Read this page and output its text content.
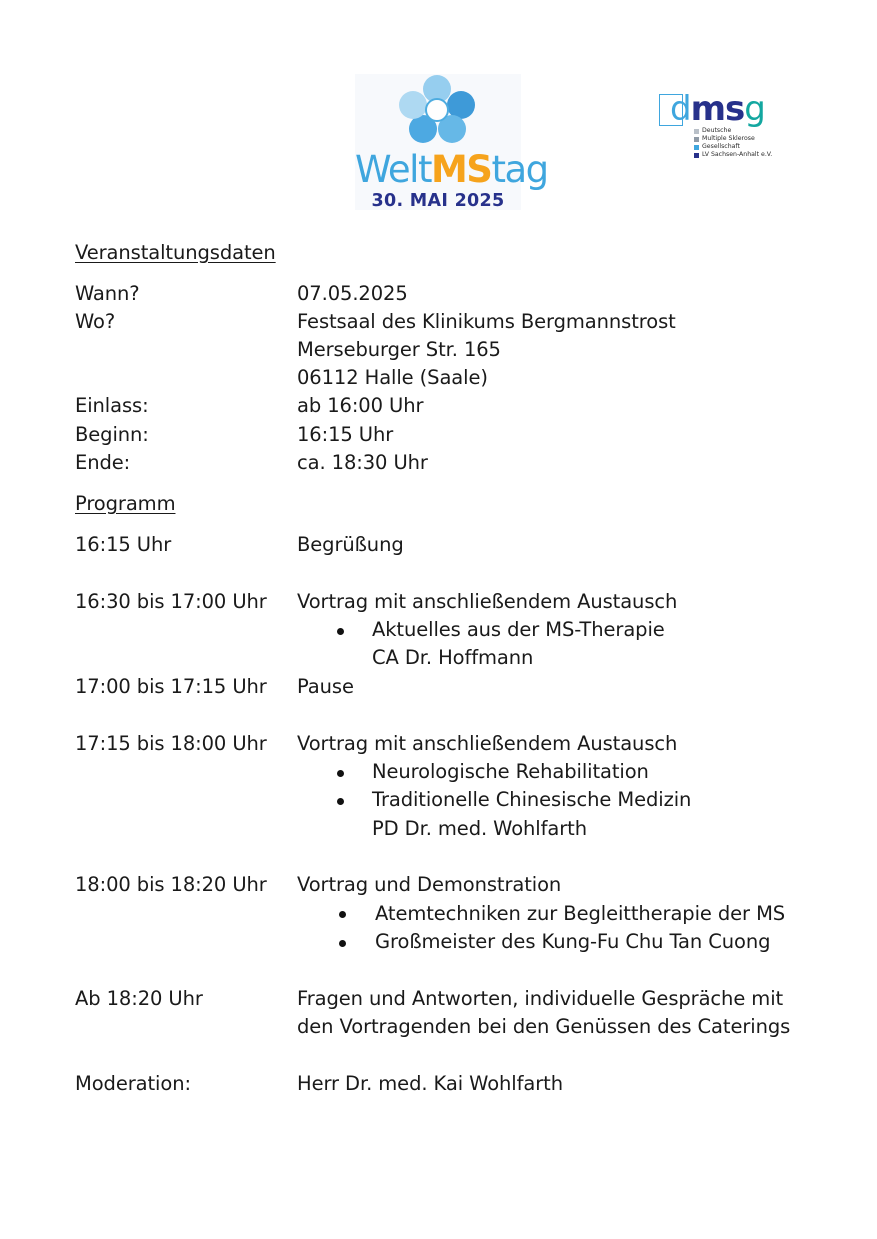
WeltMStag
30. MAI 2025
dmsg
Deutsche
Multiple Sklerose
Gesellschaft
LV Sachsen-Anhalt e.V.
Veranstaltungsdaten
Wann?	07.05.2025
Wo?	Festsaal des Klinikums Bergmannstrost
Merseburger Str. 165
06112 Halle (Saale)
Einlass:	ab 16:00 Uhr
Beginn:	16:15 Uhr
Ende:	ca. 18:30 Uhr
Programm
16:15 Uhr	Begrüßung
16:30 bis 17:00 Uhr Vortrag mit anschließendem Austausch
Aktuelles aus der MS-Therapie
CA Dr. Hoffmann
17:00 bis 17:15 Uhr Pause
17:15 bis 18:00 Uhr Vortrag mit anschließendem Austausch
Neurologische Rehabilitation
Traditionelle Chinesische Medizin
PD Dr. med. Wohlfarth
18:00 bis 18:20 Uhr Vortrag und Demonstration
Atemtechniken zur Begleittherapie der MS
Großmeister des Kung-Fu Chu Tan Cuong
Ab 18:20 Uhr	Fragen und Antworten, individuelle Gespräche mit
den Vortragenden bei den Genüssen des Caterings
Moderation:	Herr Dr. med. Kai Wohlfarth
